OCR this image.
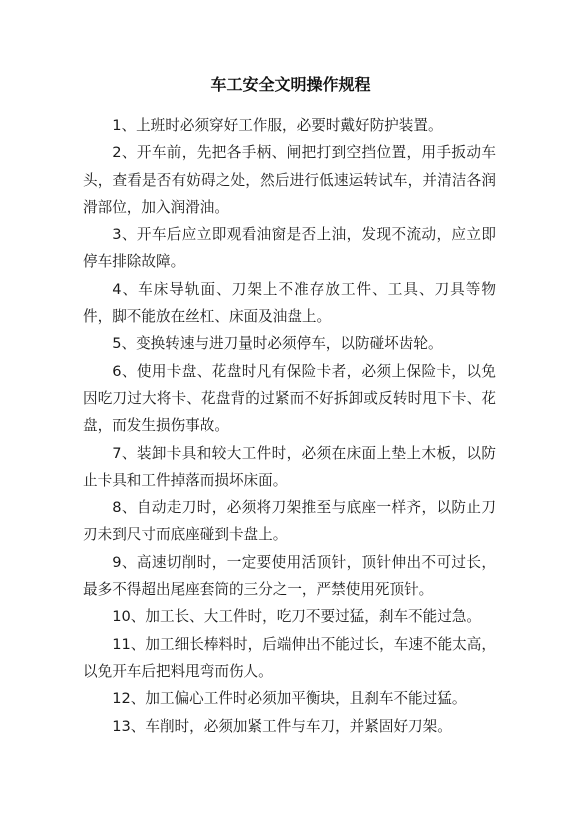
车工安全文明操作规程

1、上班时必须穿好工作服，必要时戴好防护装置。

2、开车前，先把各手柄、闸把打到空挡位置，用手扳动车头，查看是否有妨碍之处，然后进行低速运转试车，并清洁各润滑部位，加入润滑油。

3、开车后应立即观看油窗是否上油，发现不流动，应立即停车排除故障。

4、车床导轨面、刀架上不准存放工件、工具、刀具等物件，脚不能放在丝杠、床面及油盘上。

5、变换转速与进刀量时必须停车，以防碰坏齿轮。

6、使用卡盘、花盘时凡有保险卡者，必须上保险卡，以免因吃刀过大将卡、花盘背的过紧而不好拆卸或反转时甩下卡、花盘，而发生损伤事故。

7、装卸卡具和较大工件时，必须在床面上垫上木板，以防止卡具和工件掉落而损坏床面。

8、自动走刀时，必须将刀架推至与底座一样齐，以防止刀刃未到尺寸而底座碰到卡盘上。

9、高速切削时，一定要使用活顶针，顶针伸出不可过长，最多不得超出尾座套筒的三分之一，严禁使用死顶针。

10、加工长、大工件时，吃刀不要过猛，刹车不能过急。

11、加工细长棒料时，后端伸出不能过长，车速不能太高，以免开车后把料甩弯而伤人。

12、加工偏心工件时必须加平衡块，且刹车不能过猛。

13、车削时，必须加紧工件与车刀，并紧固好刀架。
